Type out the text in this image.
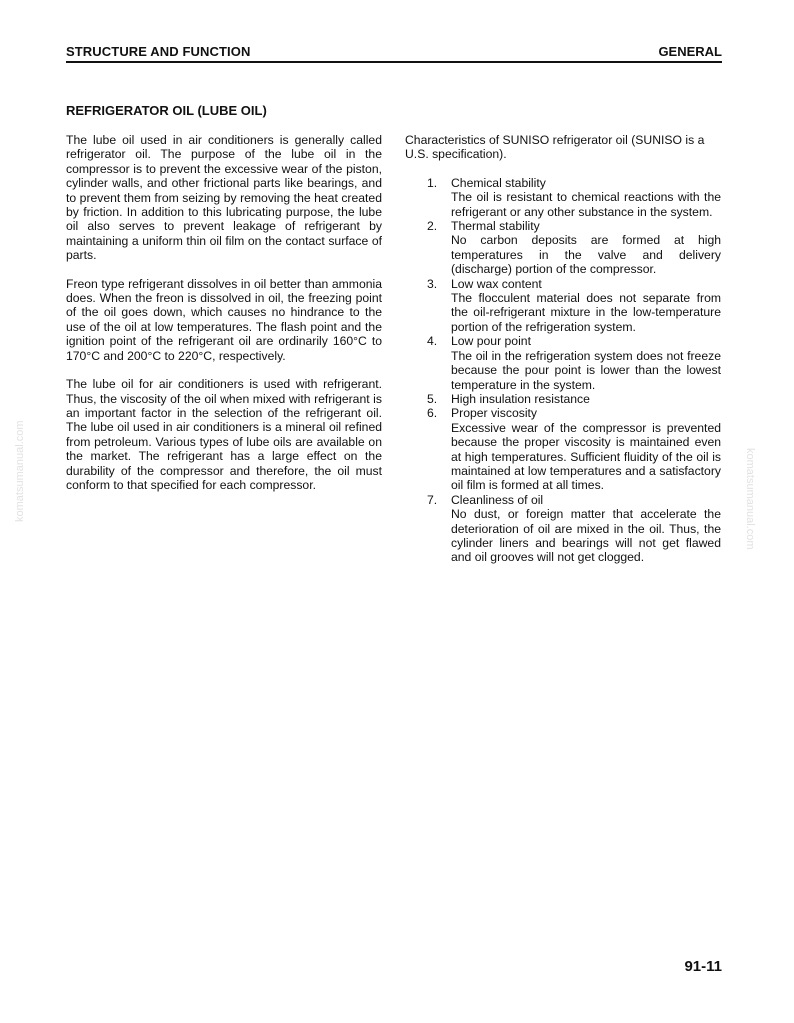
STRUCTURE AND FUNCTION	GENERAL
REFRIGERATOR OIL (LUBE OIL)

The lube oil used in air conditioners is generally called refrigerator oil. The purpose of the lube oil in the compressor is to prevent the excessive wear of the piston, cylinder walls, and other frictional parts like bearings, and to prevent them from seizing by removing the heat created by friction. In addition to this lubricating purpose, the lube oil also serves to prevent leakage of refrigerant by maintaining a uniform thin oil film on the contact surface of parts.

Freon type refrigerant dissolves in oil better than ammonia does. When the freon is dissolved in oil, the freezing point of the oil goes down, which causes no hindrance to the use of the oil at low temperatures. The flash point and the ignition point of the refrigerant oil are ordinarily 160°C to 170°C and 200°C to 220°C, respectively.

The lube oil for air conditioners is used with refrigerant. Thus, the viscosity of the oil when mixed with refrigerant is an important factor in the selection of the refrigerant oil. The lube oil used in air conditioners is a mineral oil refined from petroleum. Various types of lube oils are available on the market. The refrigerant has a large effect on the durability of the compressor and therefore, the oil must conform to that specified for each compressor.

Characteristics of SUNISO refrigerator oil (SUNISO is a U.S. specification).

1.	Chemical stability
The oil is resistant to chemical reactions with the refrigerant or any other substance in the system.
2.	Thermal stability
No carbon deposits are formed at high temperatures in the valve and delivery (discharge) portion of the compressor.
3.	Low wax content
The flocculent material does not separate from the oil-refrigerant mixture in the low-temperature portion of the refrigeration system.
4.	Low pour point
The oil in the refrigeration system does not freeze because the pour point is lower than the lowest temperature in the system.
5.	High insulation resistance
6.	Proper viscosity
Excessive wear of the compressor is prevented because the proper viscosity is maintained even at high temperatures. Sufficient fluidity of the oil is maintained at low temperatures and a satisfactory oil film is formed at all times.
7.	Cleanliness of oil
No dust, or foreign matter that accelerate the deterioration of oil are mixed in the oil. Thus, the cylinder liners and bearings will not get flawed and oil grooves will not get clogged.
komatsumanual.com	komatsumanual.com
91-11
